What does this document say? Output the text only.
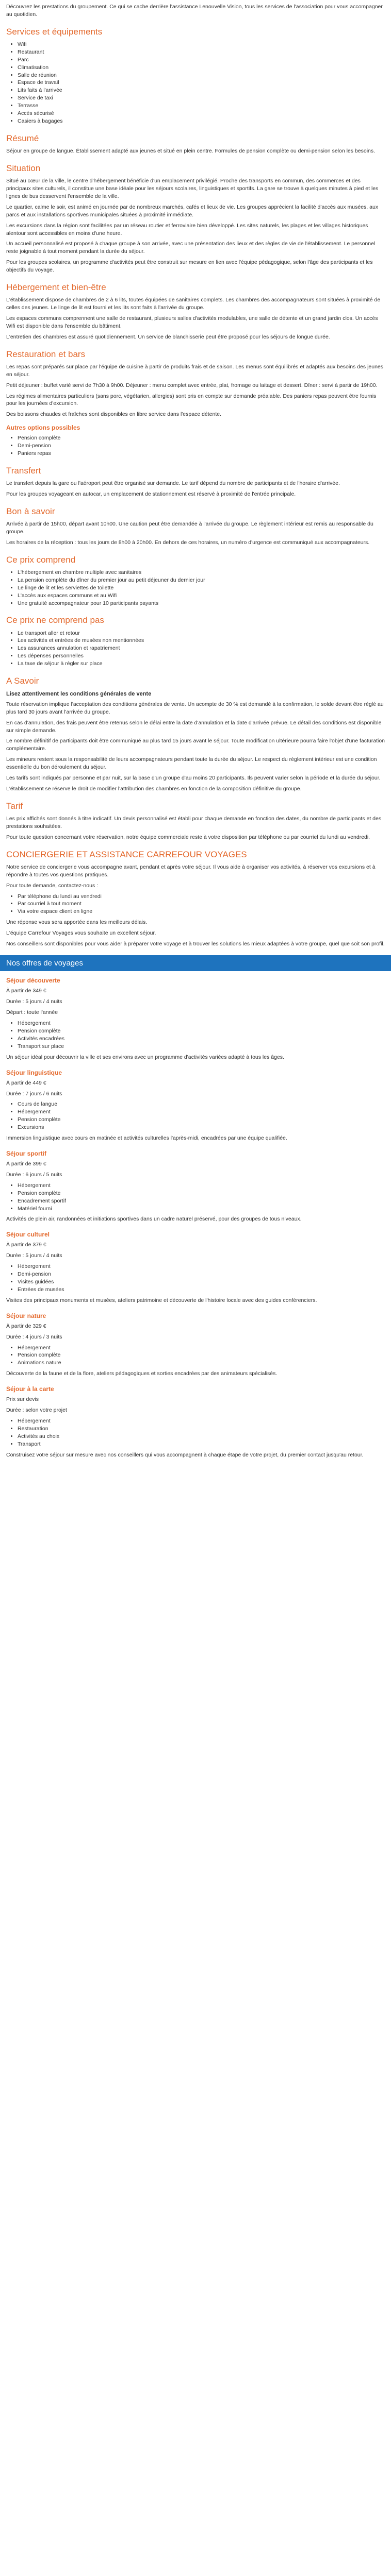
Découvrez les prestations du groupement. Ce qui se cache derrière l'assistance Lenouvelle Vision, tous les services de l'association pour vous accompagner au quotidien.

Services et équipements
• Wifi
• Restaurant
• Parc
• Climatisation
• Salle de réunion
• Espace de travail
• Lits faits à l'arrivée
• Service de taxi
• Terrasse
• Accès sécurisé
• Casiers à bagages
Résumé

Séjour en groupe de langue. Établissement adapté aux jeunes et situé en plein centre. Formules de pension complète ou demi-pension selon les besoins.

Situation

Situé au cœur de la ville, le centre d'hébergement bénéficie d'un emplacement privilégié. Proche des transports en commun, des commerces et des principaux sites culturels, il constitue une base idéale pour les séjours scolaires, linguistiques et sportifs. La gare se trouve à quelques minutes à pied et les lignes de bus desservent l'ensemble de la ville.

Le quartier, calme le soir, est animé en journée par de nombreux marchés, cafés et lieux de vie. Les groupes apprécient la facilité d'accès aux musées, aux parcs et aux installations sportives municipales situées à proximité immédiate.

Les excursions dans la région sont facilitées par un réseau routier et ferroviaire bien développé. Les sites naturels, les plages et les villages historiques alentour sont accessibles en moins d'une heure.

Un accueil personnalisé est proposé à chaque groupe à son arrivée, avec une présentation des lieux et des règles de vie de l'établissement. Le personnel reste joignable à tout moment pendant la durée du séjour.

Pour les groupes scolaires, un programme d'activités peut être construit sur mesure en lien avec l'équipe pédagogique, selon l'âge des participants et les objectifs du voyage.

Hébergement et bien-être

L'établissement dispose de chambres de 2 à 6 lits, toutes équipées de sanitaires complets. Les chambres des accompagnateurs sont situées à proximité de celles des jeunes. Le linge de lit est fourni et les lits sont faits à l'arrivée du groupe.

Les espaces communs comprennent une salle de restaurant, plusieurs salles d'activités modulables, une salle de détente et un grand jardin clos. Un accès Wifi est disponible dans l'ensemble du bâtiment.

L'entretien des chambres est assuré quotidiennement. Un service de blanchisserie peut être proposé pour les séjours de longue durée.

Restauration et bars

Les repas sont préparés sur place par l'équipe de cuisine à partir de produits frais et de saison. Les menus sont équilibrés et adaptés aux besoins des jeunes en séjour.

Petit déjeuner : buffet varié servi de 7h30 à 9h00. Déjeuner : menu complet avec entrée, plat, fromage ou laitage et dessert. Dîner : servi à partir de 19h00.

Les régimes alimentaires particuliers (sans porc, végétarien, allergies) sont pris en compte sur demande préalable. Des paniers repas peuvent être fournis pour les journées d'excursion.

Des boissons chaudes et fraîches sont disponibles en libre service dans l'espace détente.

Autres options possibles
• Pension complète
• Demi-pension
• Paniers repas
Transfert

Le transfert depuis la gare ou l'aéroport peut être organisé sur demande. Le tarif dépend du nombre de participants et de l'horaire d'arrivée.

Pour les groupes voyageant en autocar, un emplacement de stationnement est réservé à proximité de l'entrée principale.

Bon à savoir

Arrivée à partir de 15h00, départ avant 10h00. Une caution peut être demandée à l'arrivée du groupe. Le règlement intérieur est remis au responsable du groupe.

Les horaires de la réception : tous les jours de 8h00 à 20h00. En dehors de ces horaires, un numéro d'urgence est communiqué aux accompagnateurs.

Ce prix comprend
• L'hébergement en chambre multiple avec sanitaires
• La pension complète du dîner du premier jour au petit déjeuner du dernier jour
• Le linge de lit et les serviettes de toilette
• L'accès aux espaces communs et au Wifi
• Une gratuité accompagnateur pour 10 participants payants
Ce prix ne comprend pas
• Le transport aller et retour
• Les activités et entrées de musées non mentionnées
• Les assurances annulation et rapatriement
• Les dépenses personnelles
• La taxe de séjour à régler sur place
A Savoir
Lisez attentivement les conditions générales de vente

Toute réservation implique l'acceptation des conditions générales de vente. Un acompte de 30 % est demandé à la confirmation, le solde devant être réglé au plus tard 30 jours avant l'arrivée du groupe.

En cas d'annulation, des frais peuvent être retenus selon le délai entre la date d'annulation et la date d'arrivée prévue. Le détail des conditions est disponible sur simple demande.

Le nombre définitif de participants doit être communiqué au plus tard 15 jours avant le séjour. Toute modification ultérieure pourra faire l'objet d'une facturation complémentaire.

Les mineurs restent sous la responsabilité de leurs accompagnateurs pendant toute la durée du séjour. Le respect du règlement intérieur est une condition essentielle du bon déroulement du séjour.

Les tarifs sont indiqués par personne et par nuit, sur la base d'un groupe d'au moins 20 participants. Ils peuvent varier selon la période et la durée du séjour.

L'établissement se réserve le droit de modifier l'attribution des chambres en fonction de la composition définitive du groupe.

Tarif

Les prix affichés sont donnés à titre indicatif. Un devis personnalisé est établi pour chaque demande en fonction des dates, du nombre de participants et des prestations souhaitées.

Pour toute question concernant votre réservation, notre équipe commerciale reste à votre disposition par téléphone ou par courriel du lundi au vendredi.

CONCIERGERIE ET ASSISTANCE CARREFOUR VOYAGES

Notre service de conciergerie vous accompagne avant, pendant et après votre séjour. Il vous aide à organiser vos activités, à réserver vos excursions et à répondre à toutes vos questions pratiques.

Pour toute demande, contactez-nous :

• Par téléphone du lundi au vendredi
• Par courriel à tout moment
• Via votre espace client en ligne

Une réponse vous sera apportée dans les meilleurs délais.

L'équipe Carrefour Voyages vous souhaite un excellent séjour.

Nos conseillers sont disponibles pour vous aider à préparer votre voyage et à trouver les solutions les mieux adaptées à votre groupe, quel que soit son profil.

Nos offres de voyages
Séjour découverte

À partir de 349 €

Durée : 5 jours / 4 nuits

Départ : toute l'année

• Hébergement
• Pension complète
• Activités encadrées
• Transport sur place

Un séjour idéal pour découvrir la ville et ses environs avec un programme d'activités variées adapté à tous les âges.

Séjour linguistique

À partir de 449 €

Durée : 7 jours / 6 nuits

• Cours de langue
• Hébergement
• Pension complète
• Excursions

Immersion linguistique avec cours en matinée et activités culturelles l'après-midi, encadrées par une équipe qualifiée.

Séjour sportif

À partir de 399 €

Durée : 6 jours / 5 nuits

• Hébergement
• Pension complète
• Encadrement sportif
• Matériel fourni

Activités de plein air, randonnées et initiations sportives dans un cadre naturel préservé, pour des groupes de tous niveaux.

Séjour culturel

À partir de 379 €

Durée : 5 jours / 4 nuits

• Hébergement
• Demi-pension
• Visites guidées
• Entrées de musées

Visites des principaux monuments et musées, ateliers patrimoine et découverte de l'histoire locale avec des guides conférenciers.

Séjour nature

À partir de 329 €

Durée : 4 jours / 3 nuits

• Hébergement
• Pension complète
• Animations nature

Découverte de la faune et de la flore, ateliers pédagogiques et sorties encadrées par des animateurs spécialisés.

Séjour à la carte

Prix sur devis

Durée : selon votre projet

• Hébergement
• Restauration
• Activités au choix
• Transport

Construisez votre séjour sur mesure avec nos conseillers qui vous accompagnent à chaque étape de votre projet, du premier contact jusqu'au retour.
